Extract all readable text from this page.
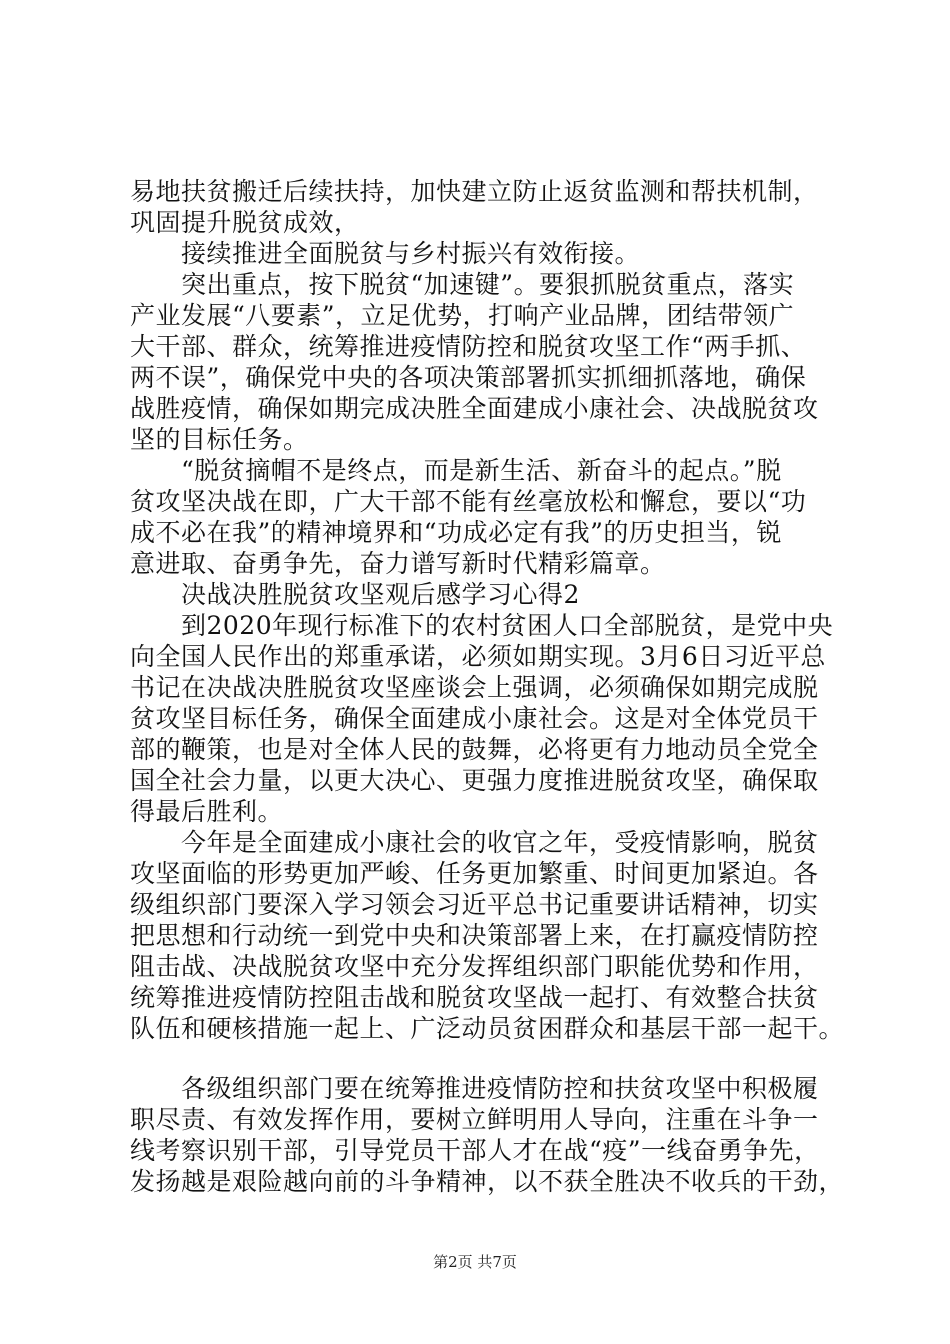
易地扶贫搬迁后续扶持，加快建立防止返贫监测和帮扶机制，
巩固提升脱贫成效，
　　接续推进全面脱贫与乡村振兴有效衔接。
　　突出重点，按下脱贫“加速键”。要狠抓脱贫重点，落实
产业发展“八要素”，立足优势，打响产业品牌，团结带领广
大干部、群众，统筹推进疫情防控和脱贫攻坚工作“两手抓、
两不误”，确保党中央的各项决策部署抓实抓细抓落地，确保
战胜疫情，确保如期完成决胜全面建成小康社会、决战脱贫攻
坚的目标任务。
　　“脱贫摘帽不是终点，而是新生活、新奋斗的起点。”脱
贫攻坚决战在即，广大干部不能有丝毫放松和懈怠，要以“功
成不必在我”的精神境界和“功成必定有我”的历史担当，锐
意进取、奋勇争先，奋力谱写新时代精彩篇章。
　　决战决胜脱贫攻坚观后感学习心得2
　　到2020年现行标准下的农村贫困人口全部脱贫，是党中央
向全国人民作出的郑重承诺，必须如期实现。3月6日习近平总
书记在决战决胜脱贫攻坚座谈会上强调，必须确保如期完成脱
贫攻坚目标任务，确保全面建成小康社会。这是对全体党员干
部的鞭策，也是对全体人民的鼓舞，必将更有力地动员全党全
国全社会力量，以更大决心、更强力度推进脱贫攻坚，确保取
得最后胜利。
　　今年是全面建成小康社会的收官之年，受疫情影响，脱贫
攻坚面临的形势更加严峻、任务更加繁重、时间更加紧迫。各
级组织部门要深入学习领会习近平总书记重要讲话精神，切实
把思想和行动统一到党中央和决策部署上来，在打赢疫情防控
阻击战、决战脱贫攻坚中充分发挥组织部门职能优势和作用，
统筹推进疫情防控阻击战和脱贫攻坚战一起打、有效整合扶贫
队伍和硬核措施一起上、广泛动员贫困群众和基层干部一起干。
　　各级组织部门要在统筹推进疫情防控和扶贫攻坚中积极履
职尽责、有效发挥作用，要树立鲜明用人导向，注重在斗争一
线考察识别干部，引导党员干部人才在战“疫”一线奋勇争先，
发扬越是艰险越向前的斗争精神，以不获全胜决不收兵的干劲，
第2页 共7页
